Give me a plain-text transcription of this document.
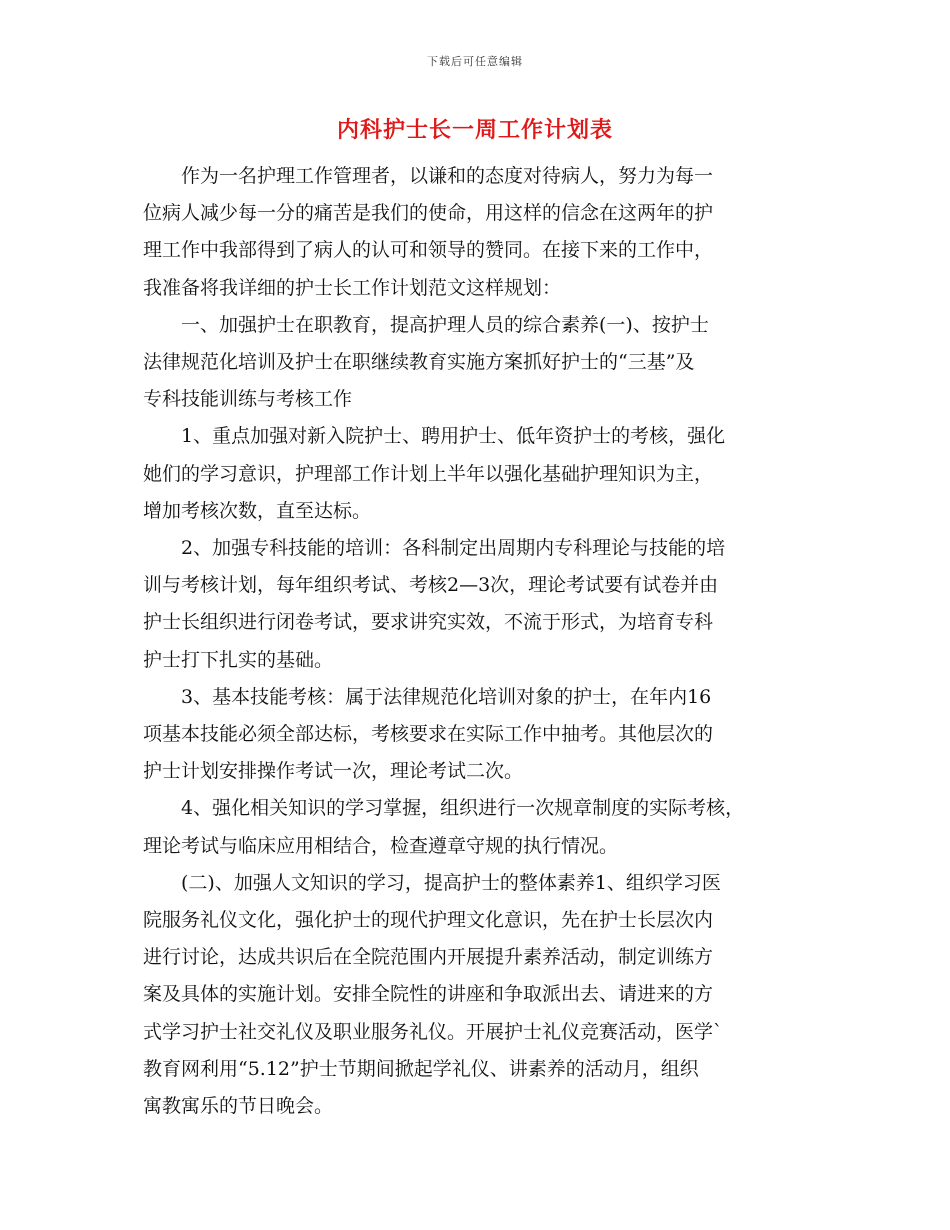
下载后可任意编辑
内科护士长一周工作计划表

　　作为一名护理工作管理者，以谦和的态度对待病人，努力为每一
位病人减少每一分的痛苦是我们的使命，用这样的信念在这两年的护
理工作中我部得到了病人的认可和领导的赞同。在接下来的工作中，
我准备将我详细的护士长工作计划范文这样规划：

　　一、加强护士在职教育，提高护理人员的综合素养(一)、按护士
法律规范化培训及护士在职继续教育实施方案抓好护士的“三基”及
专科技能训练与考核工作

　　1、重点加强对新入院护士、聘用护士、低年资护士的考核，强化
她们的学习意识，护理部工作计划上半年以强化基础护理知识为主，
增加考核次数，直至达标。

　　2、加强专科技能的培训：各科制定出周期内专科理论与技能的培
训与考核计划，每年组织考试、考核2—3次，理论考试要有试卷并由
护士长组织进行闭卷考试，要求讲究实效，不流于形式，为培育专科
护士打下扎实的基础。

　　3、基本技能考核：属于法律规范化培训对象的护士，在年内16
项基本技能必须全部达标，考核要求在实际工作中抽考。其他层次的
护士计划安排操作考试一次，理论考试二次。

　　4、强化相关知识的学习掌握，组织进行一次规章制度的实际考核，
理论考试与临床应用相结合，检查遵章守规的执行情况。

　　(二)、加强人文知识的学习，提高护士的整体素养1、组织学习医
院服务礼仪文化，强化护士的现代护理文化意识，先在护士长层次内
进行讨论，达成共识后在全院范围内开展提升素养活动，制定训练方
案及具体的实施计划。安排全院性的讲座和争取派出去、请进来的方
式学习护士社交礼仪及职业服务礼仪。开展护士礼仪竞赛活动，医学`
教育网利用“5.12”护士节期间掀起学礼仪、讲素养的活动月，组织
寓教寓乐的节日晚会。
